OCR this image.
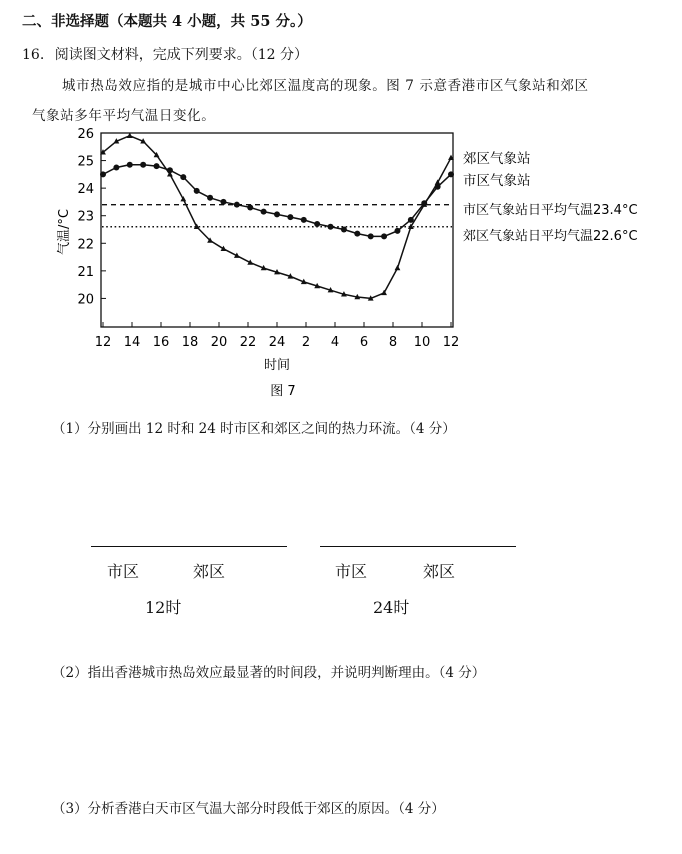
二、非选择题（本题共 4 小题，共 55 分。）
16. 阅读图文材料，完成下列要求。（12 分）
城市热岛效应指的是城市中心比郊区温度高的现象。图 7 示意香港市区气象站和郊区
气象站多年平均气温日变化。
20
21
22
23
24
25
26
12 14 16 18 20 22 24 2 4 6 8 10 12
气温/°C
时间
郊区气象站
市区气象站
市区气象站日平均气温23.4°C
郊区气象站日平均气温22.6°C
图 7
（1）分别画出 12 时和 24 时市区和郊区之间的热力环流。（4 分）
市区	郊区
12时
市区	郊区
24时
（2）指出香港城市热岛效应最显著的时间段，并说明判断理由。（4 分）
（3）分析香港白天市区气温大部分时段低于郊区的原因。（4 分）
